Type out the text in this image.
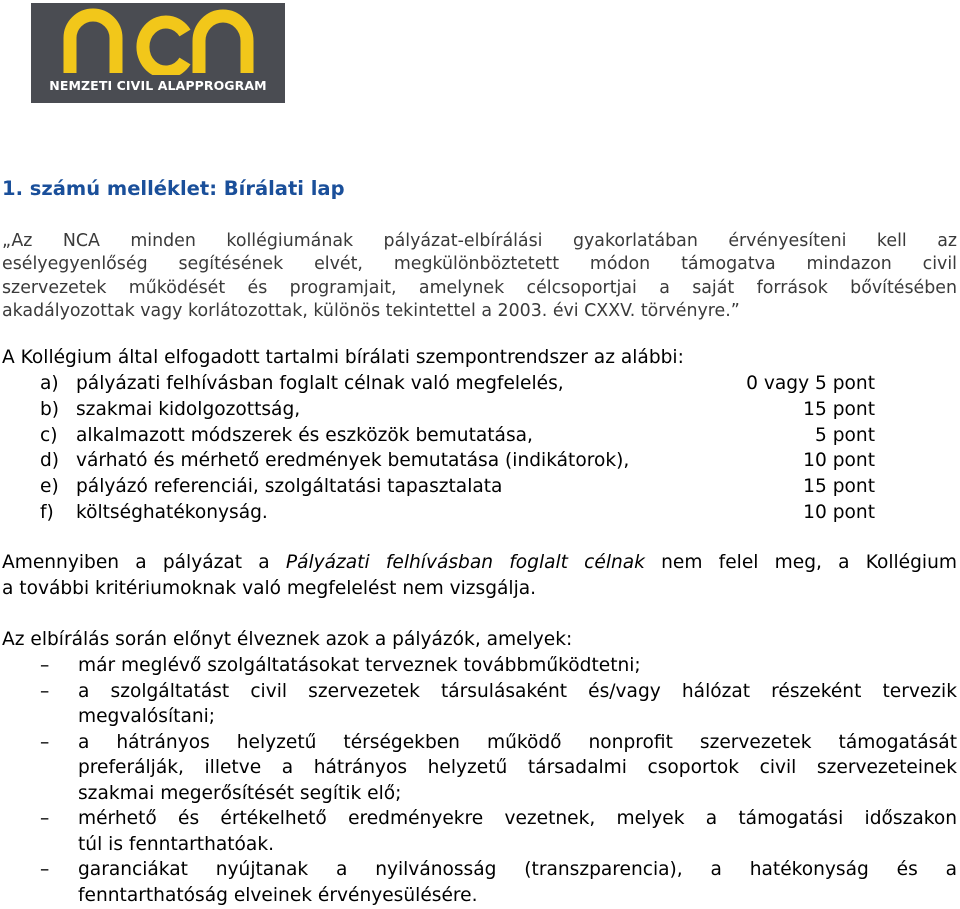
NEMZETI CIVIL ALAPPROGRAM
1. számú melléklet: Bírálati lap
„Az NCA minden kollégiumának pályázat-elbírálási gyakorlatában érvényesíteni kell az
esélyegyenlőség segítésének elvét, megkülönböztetett módon támogatva mindazon civil
szervezetek működését és programjait, amelynek célcsoportjai a saját források bővítésében
akadályozottak vagy korlátozottak, különös tekintettel a 2003. évi CXXV. törvényre.”
A Kollégium által elfogadott tartalmi bírálati szempontrendszer az alábbi:
a) pályázati felhívásban foglalt célnak való megfelelés,	0 vagy 5 pont
b) szakmai kidolgozottság,	15 pont
c) alkalmazott módszerek és eszközök bemutatása,	5 pont
d) várható és mérhető eredmények bemutatása (indikátorok),	10 pont
e) pályázó referenciái, szolgáltatási tapasztalata	15 pont
f) költséghatékonyság.	10 pont
Amennyiben a pályázat a Pályázati felhívásban foglalt célnak nem felel meg, a Kollégium
a további kritériumoknak való megfelelést nem vizsgálja.
Az elbírálás során előnyt élveznek azok a pályázók, amelyek:
– már meglévő szolgáltatásokat terveznek továbbműködtetni;
– a szolgáltatást civil szervezetek társulásaként és/vagy hálózat részeként tervezik
megvalósítani;
– a hátrányos helyzetű térségekben működő nonprofit szervezetek támogatását
preferálják, illetve a hátrányos helyzetű társadalmi csoportok civil szervezeteinek
szakmai megerősítését segítik elő;
– mérhető és értékelhető eredményekre vezetnek, melyek a támogatási időszakon
túl is fenntarthatóak.
– garanciákat nyújtanak a nyilvánosság (transzparencia), a hatékonyság és a
fenntarthatóság elveinek érvényesülésére.
